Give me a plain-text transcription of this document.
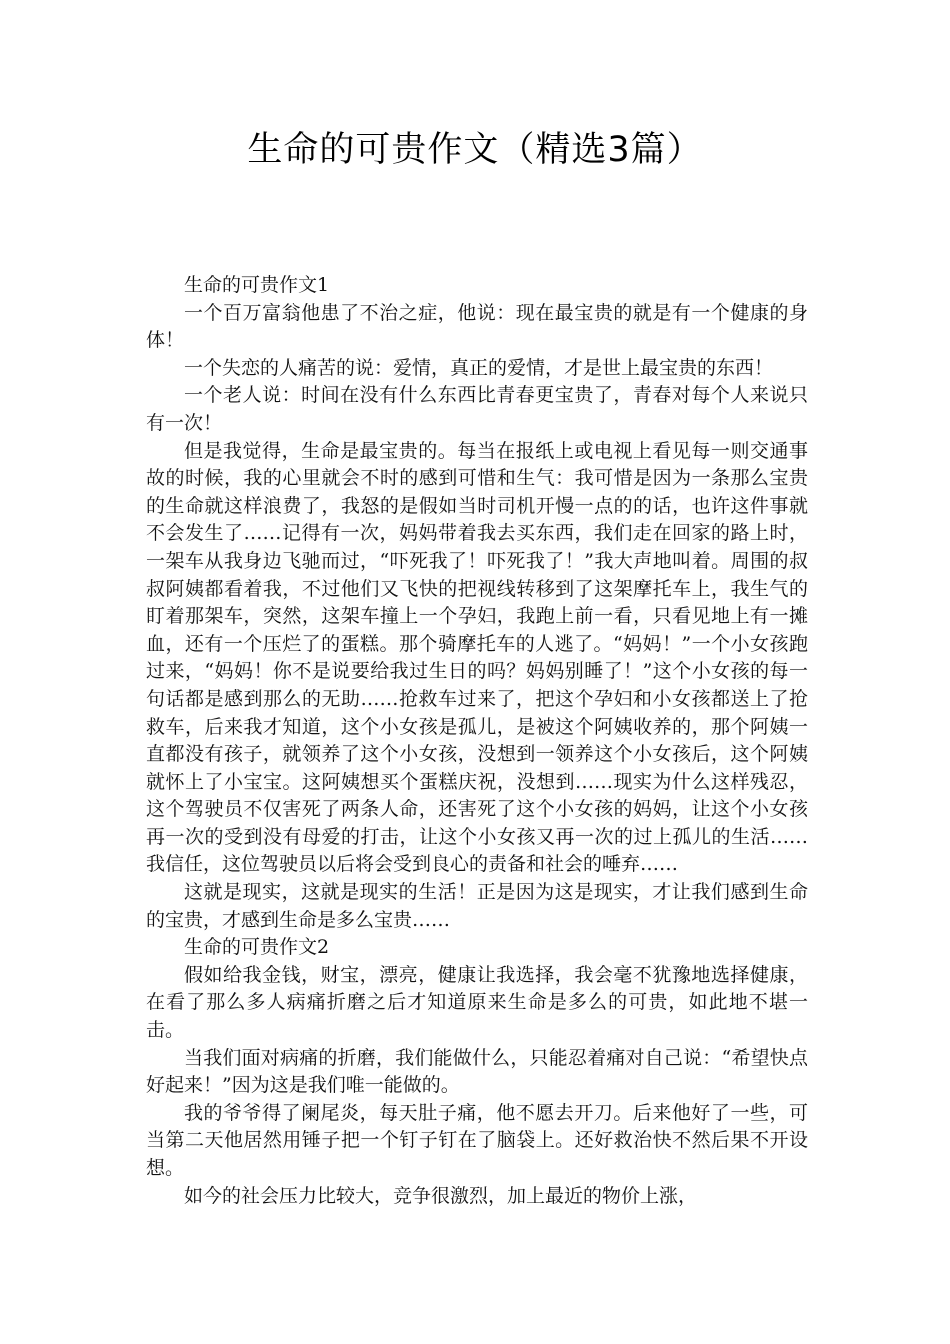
生命的可贵作文（精选3篇）

生命的可贵作文1

一个百万富翁他患了不治之症，他说：现在最宝贵的就是有一个健康的身体！

一个失恋的人痛苦的说：爱情，真正的爱情，才是世上最宝贵的东西！

一个老人说：时间在没有什么东西比青春更宝贵了，青春对每个人来说只有一次！

但是我觉得，生命是最宝贵的。每当在报纸上或电视上看见每一则交通事故的时候，我的心里就会不时的感到可惜和生气：我可惜是因为一条那么宝贵的生命就这样浪费了，我怒的是假如当时司机开慢一点的的话，也许这件事就不会发生了……记得有一次，妈妈带着我去买东西，我们走在回家的路上时，一架车从我身边飞驰而过，“吓死我了！吓死我了！”我大声地叫着。周围的叔叔阿姨都看着我，不过他们又飞快的把视线转移到了这架摩托车上，我生气的盯着那架车，突然，这架车撞上一个孕妇，我跑上前一看，只看见地上有一摊血，还有一个压烂了的蛋糕。那个骑摩托车的人逃了。“妈妈！”一个小女孩跑过来，“妈妈！你不是说要给我过生日的吗？妈妈别睡了！”这个小女孩的每一句话都是感到那么的无助……抢救车过来了，把这个孕妇和小女孩都送上了抢救车，后来我才知道，这个小女孩是孤儿，是被这个阿姨收养的，那个阿姨一直都没有孩子，就领养了这个小女孩，没想到一领养这个小女孩后，这个阿姨就怀上了小宝宝。这阿姨想买个蛋糕庆祝，没想到……现实为什么这样残忍，这个驾驶员不仅害死了两条人命，还害死了这个小女孩的妈妈，让这个小女孩再一次的受到没有母爱的打击，让这个小女孩又再一次的过上孤儿的生活……我信任，这位驾驶员以后将会受到良心的责备和社会的唾弃……

这就是现实，这就是现实的生活！正是因为这是现实，才让我们感到生命的宝贵，才感到生命是多么宝贵……

生命的可贵作文2

假如给我金钱，财宝，漂亮，健康让我选择，我会毫不犹豫地选择健康，在看了那么多人病痛折磨之后才知道原来生命是多么的可贵，如此地不堪一击。

当我们面对病痛的折磨，我们能做什么，只能忍着痛对自己说：“希望快点好起来！”因为这是我们唯一能做的。

我的爷爷得了阑尾炎，每天肚子痛，他不愿去开刀。后来他好了一些，可当第二天他居然用锤子把一个钉子钉在了脑袋上。还好救治快不然后果不开设想。

如今的社会压力比较大，竞争很激烈，加上最近的物价上涨，
